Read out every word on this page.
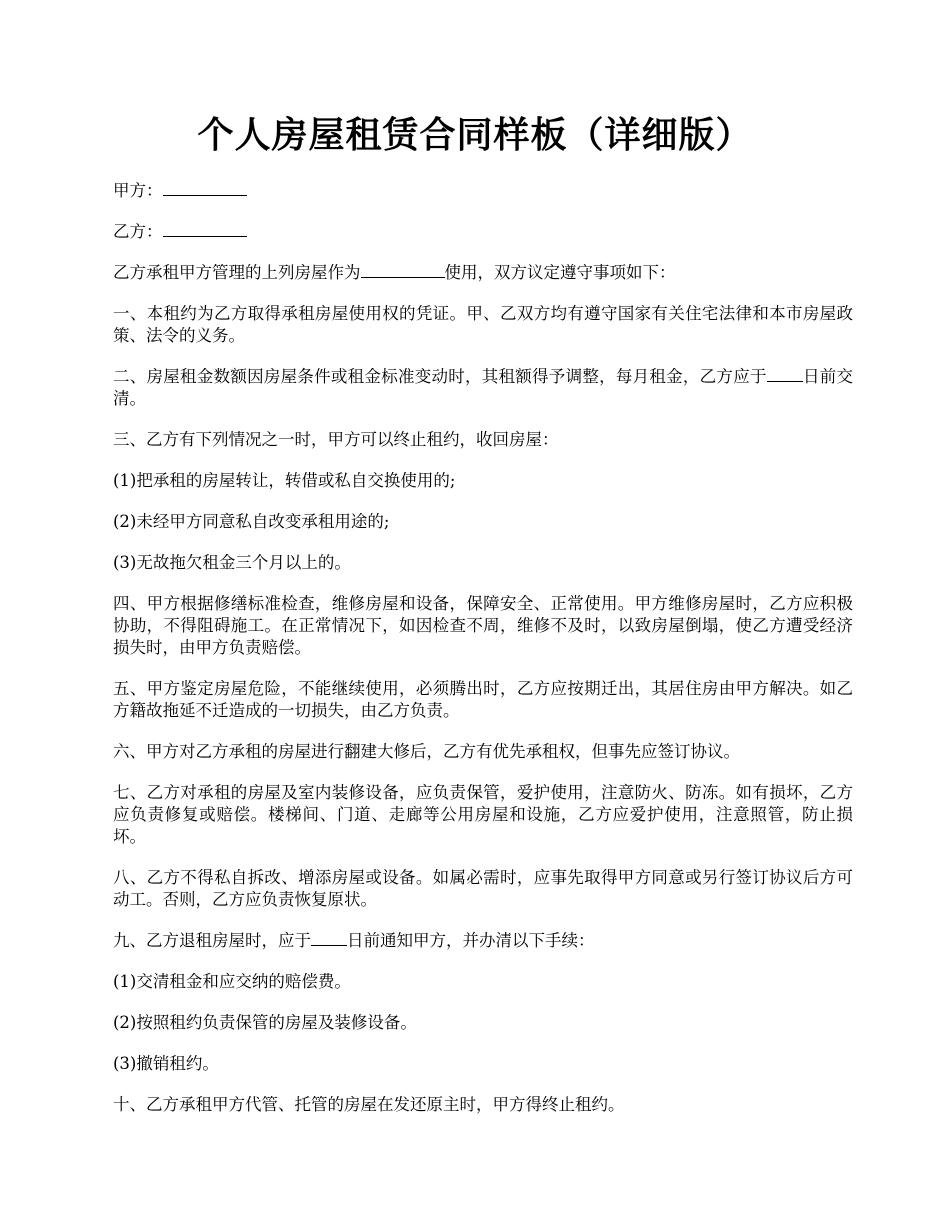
个人房屋租赁合同样板（详细版）

甲方：

乙方：

乙方承租甲方管理的上列房屋作为	使用，双方议定遵守事项如下：

一、本租约为乙方取得承租房屋使用权的凭证。甲、乙双方均有遵守国家有关住宅法律和本市房屋政策、法令的义务。

二、房屋租金数额因房屋条件或租金标准变动时，其租额得予调整，每月租金，乙方应于 日前交清。

三、乙方有下列情况之一时，甲方可以终止租约，收回房屋：

(1)把承租的房屋转让，转借或私自交换使用的;

(2)未经甲方同意私自改变承租用途的;

(3)无故拖欠租金三个月以上的。

四、甲方根据修缮标准检查，维修房屋和设备，保障安全、正常使用。甲方维修房屋时，乙方应积极协助，不得阻碍施工。在正常情况下，如因检查不周，维修不及时，以致房屋倒塌，使乙方遭受经济损失时，由甲方负责赔偿。

五、甲方鉴定房屋危险，不能继续使用，必须腾出时，乙方应按期迁出，其居住房由甲方解决。如乙方籍故拖延不迁造成的一切损失，由乙方负责。

六、甲方对乙方承租的房屋进行翻建大修后，乙方有优先承租权，但事先应签订协议。

七、乙方对承租的房屋及室内装修设备，应负责保管，爱护使用，注意防火、防冻。如有损坏，乙方应负责修复或赔偿。楼梯间、门道、走廊等公用房屋和设施，乙方应爱护使用，注意照管，防止损坏。

八、乙方不得私自拆改、增添房屋或设备。如属必需时，应事先取得甲方同意或另行签订协议后方可动工。否则，乙方应负责恢复原状。

九、乙方退租房屋时，应于 日前通知甲方，并办清以下手续：

(1)交清租金和应交纳的赔偿费。

(2)按照租约负责保管的房屋及装修设备。

(3)撤销租约。

十、乙方承租甲方代管、托管的房屋在发还原主时，甲方得终止租约。
